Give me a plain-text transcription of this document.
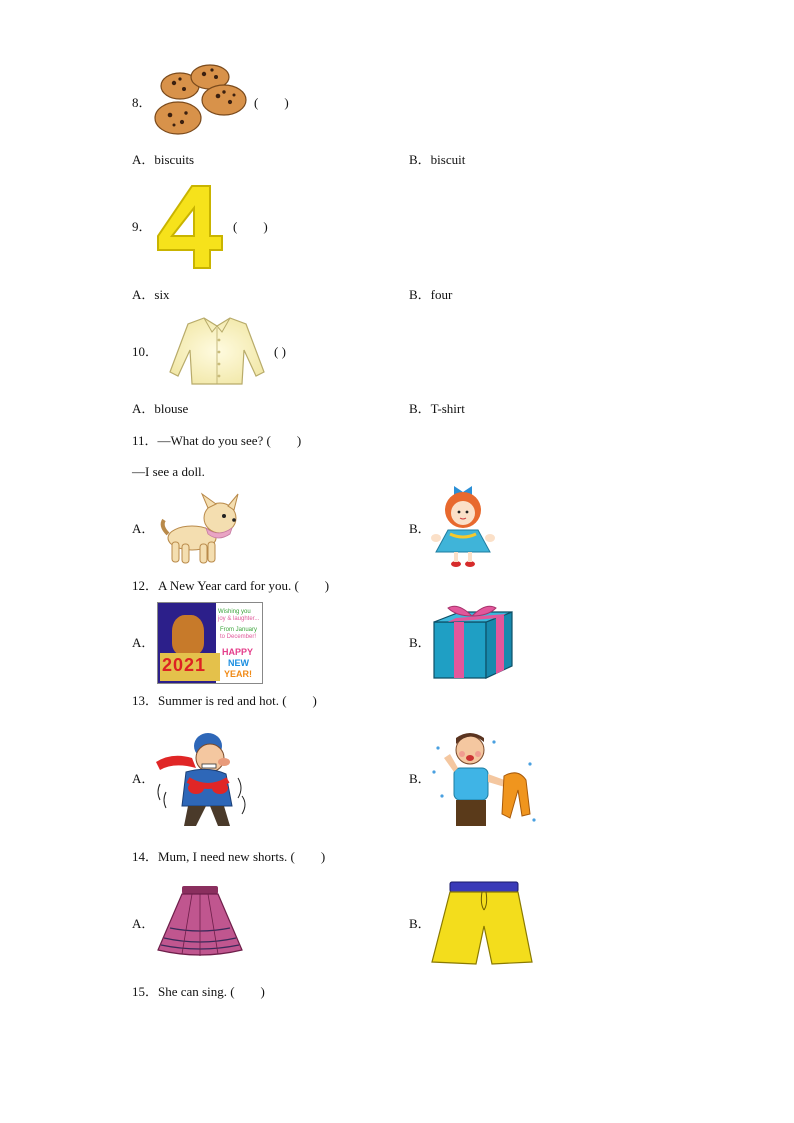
8．	(　　)
A．biscuits	B．biscuit
9．	(　　)
A．six	B．four
10．	( )
A．blouse	B．T-shirt
11．—What do you see? (　　)
—I see a doll.
A．	B．
12．A New Year card for you. (　　)
A．
Wishing you
joy & laughter...
From January
to December!
2021
HAPPY
NEW
YEAR!
B．
13．Summer is red and hot. (　　)
A．	B．
14．Mum, I need new shorts. (　　)
A．	B．
15．She can sing. (　　)
